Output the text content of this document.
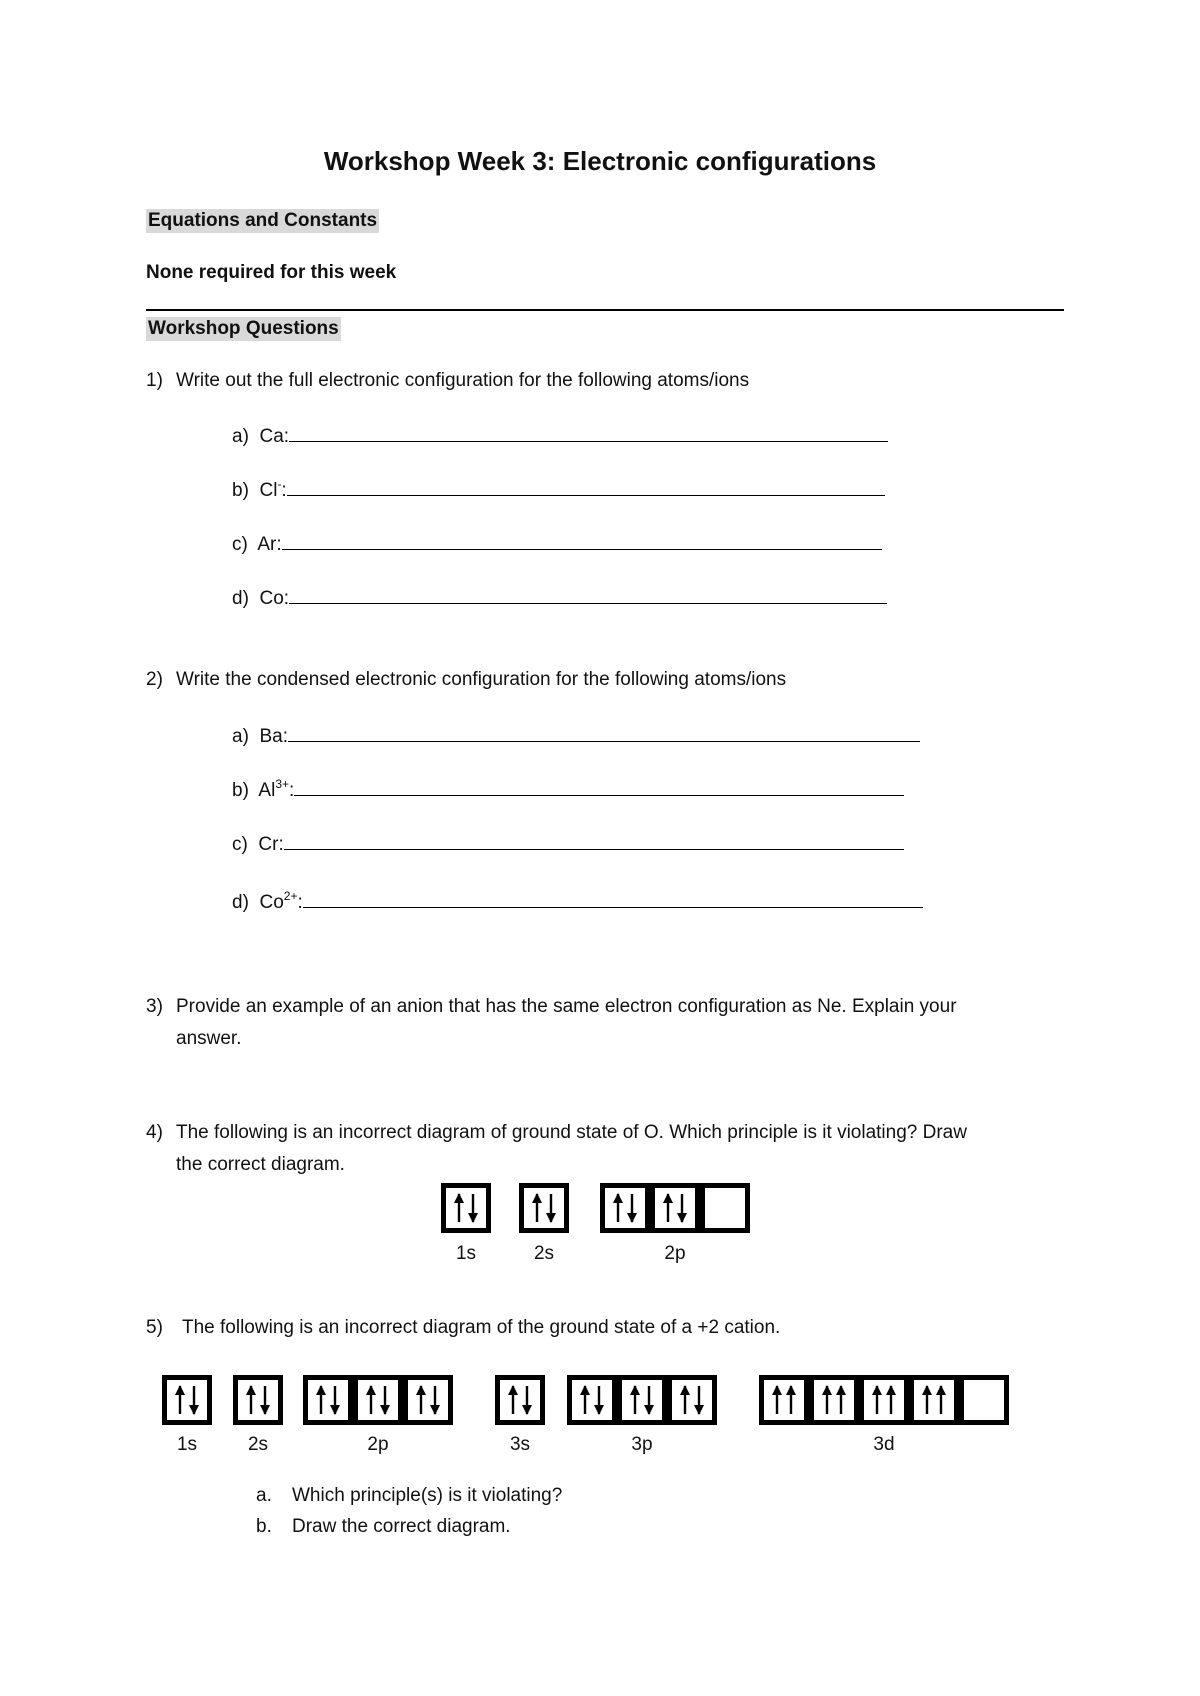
Workshop Week 3: Electronic configurations
Equations and Constants
None required for this week
Workshop Questions
1) Write out the full electronic configuration for the following atoms/ions
a) Ca:
b) Cl-:
c) Ar:
d) Co:
2) Write the condensed electronic configuration for the following atoms/ions
a) Ba:
b) $Al^{3+}$:
c) Cr:
d) $Co^{2+}$:
3) Provide an example of an anion that has the same electron configuration as Ne. Explain your
answer.
4) The following is an incorrect diagram of ground state of O. Which principle is it violating? Draw
the correct diagram.
1s	2s	2p
5) The following is an incorrect diagram of the ground state of a +2 cation.
1s	2s	2p	3s	3p	3d
a. Which principle(s) is it violating?
b. Draw the correct diagram.
